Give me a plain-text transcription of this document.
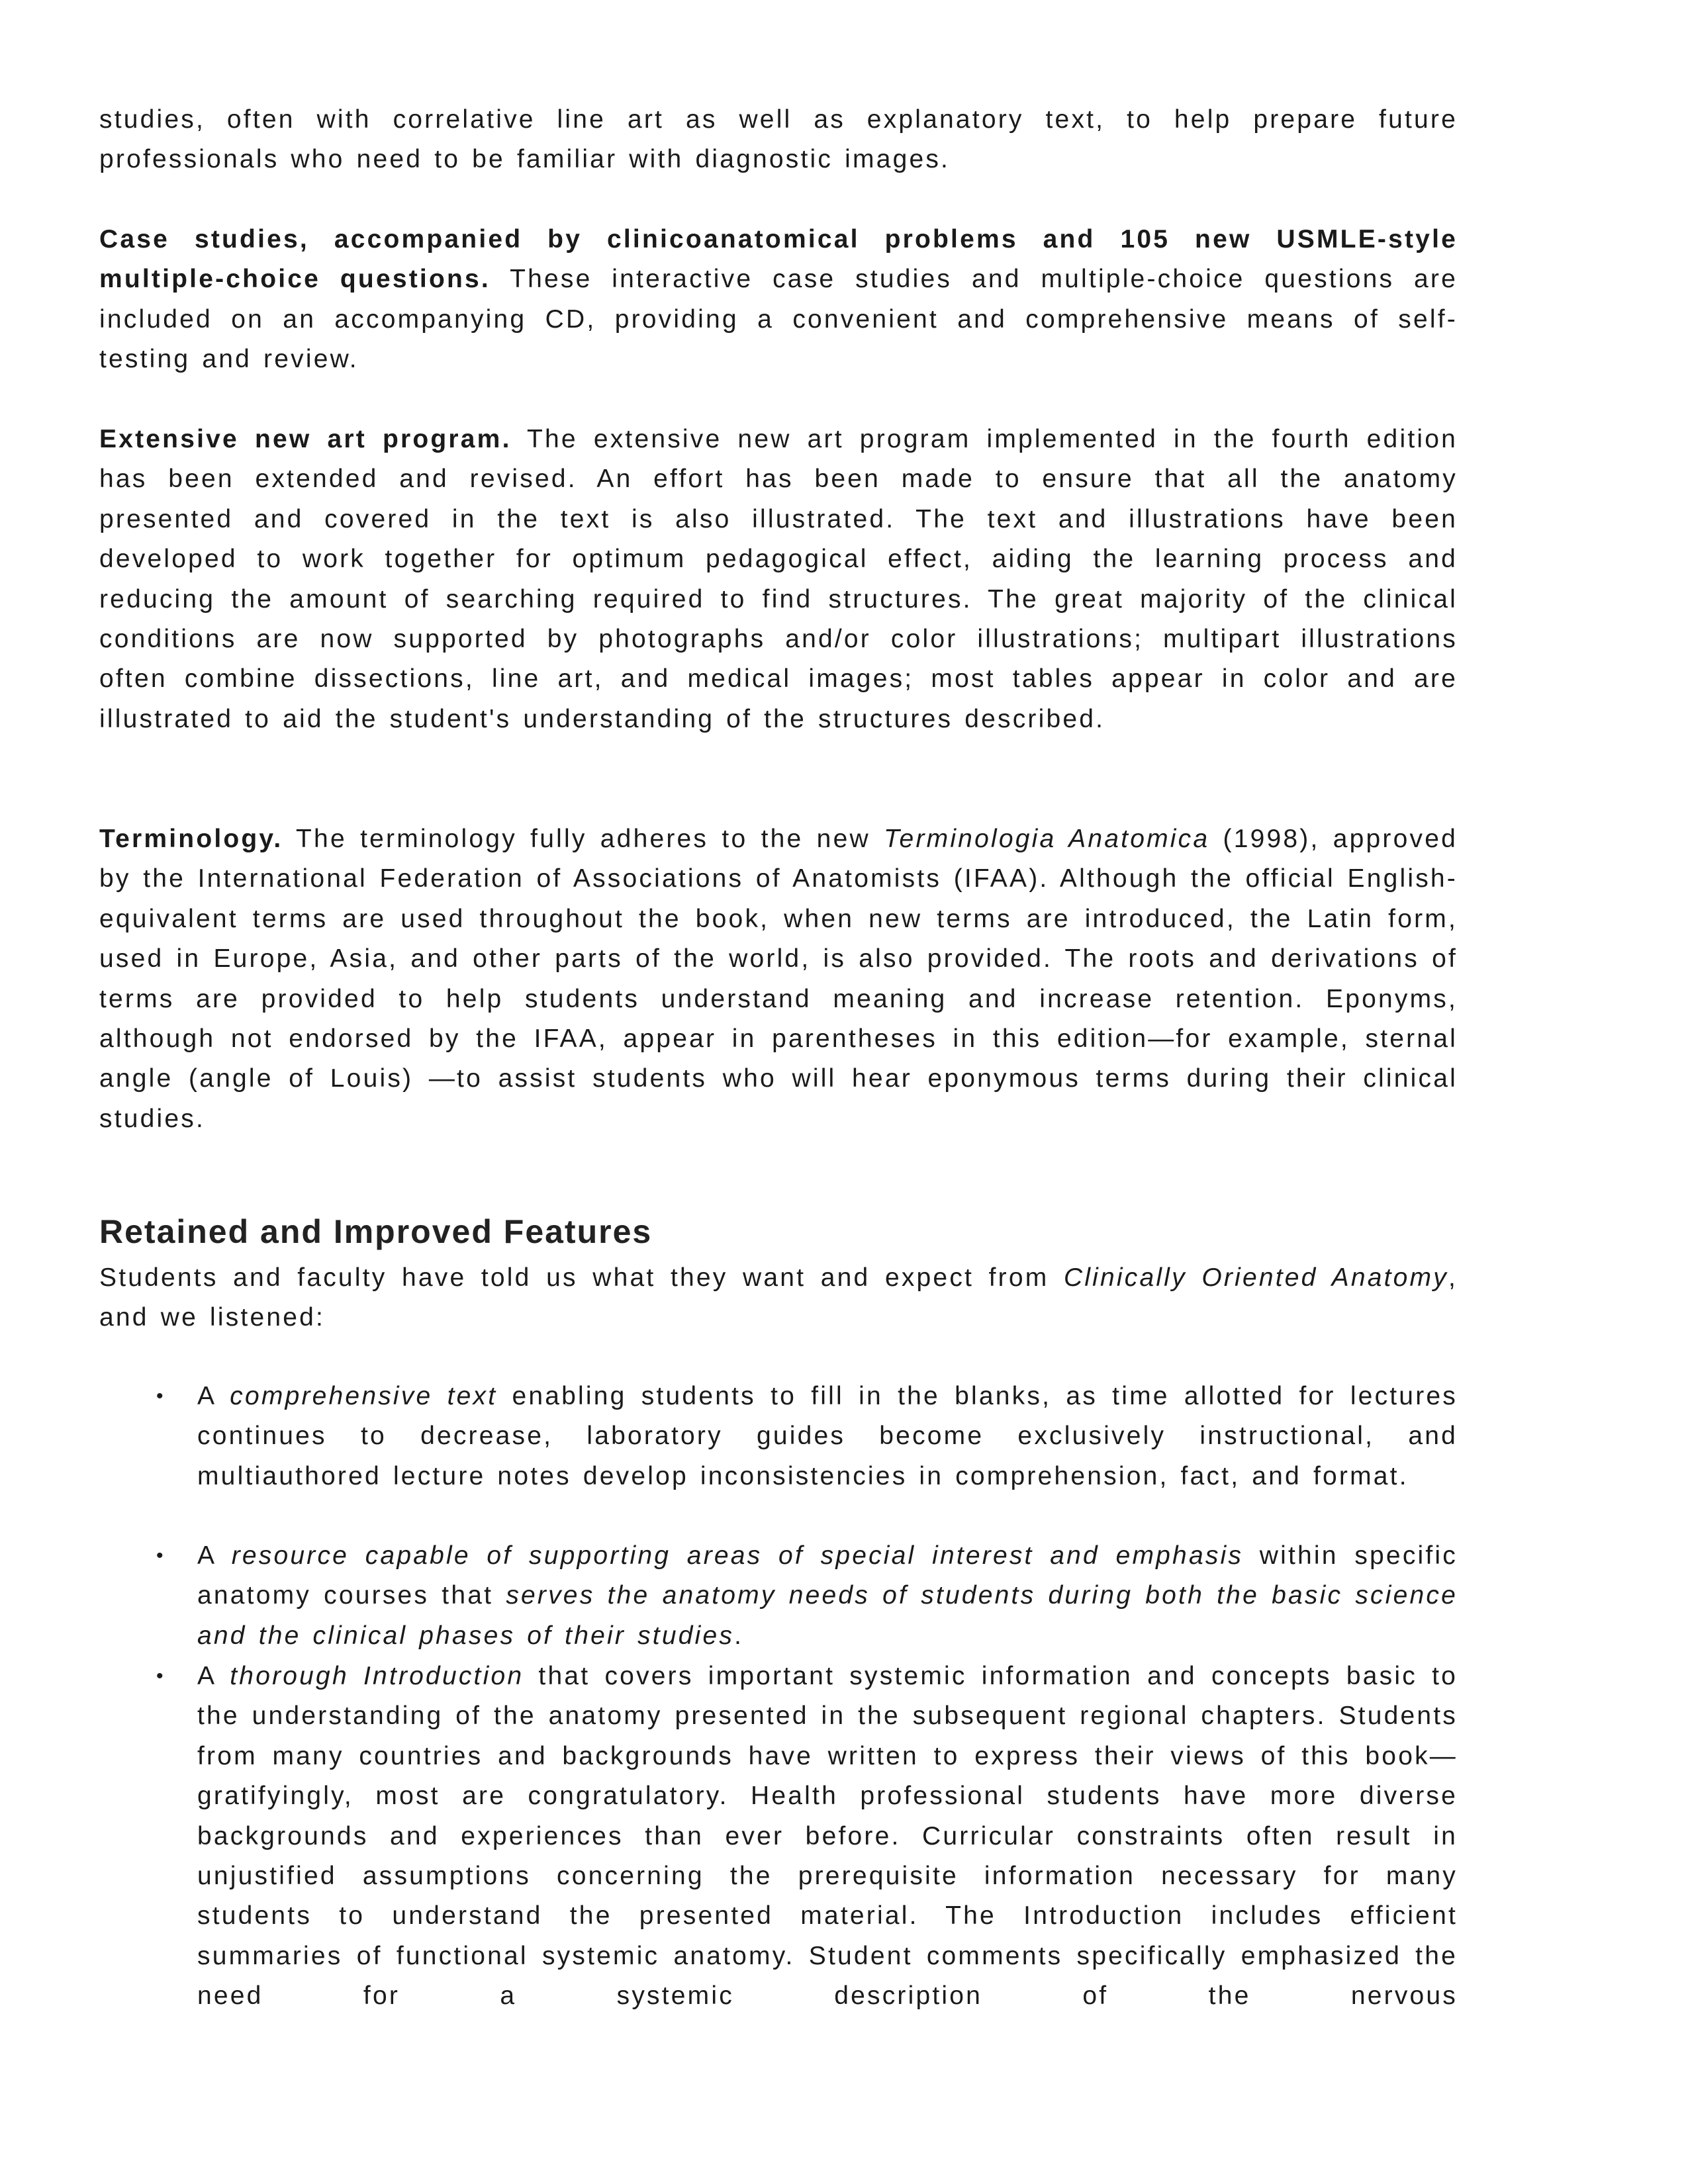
studies, often with correlative line art as well as explanatory text, to help prepare future professionals who need to be familiar with diagnostic images.
Case studies, accompanied by clinicoanatomical problems and 105 new USMLE-style multiple-choice questions. These interactive case studies and multiple-choice questions are included on an accompanying CD, providing a convenient and comprehensive means of self-testing and review.
Extensive new art program. The extensive new art program implemented in the fourth edition has been extended and revised. An effort has been made to ensure that all the anatomy presented and covered in the text is also illustrated. The text and illustrations have been developed to work together for optimum pedagogical effect, aiding the learning process and reducing the amount of searching required to find structures. The great majority of the clinical conditions are now supported by photographs and/or color illustrations; multipart illustrations often combine dissections, line art, and medical images; most tables appear in color and are illustrated to aid the student's understanding of the structures described.
Terminology. The terminology fully adheres to the new Terminologia Anatomica (1998), approved by the International Federation of Associations of Anatomists (IFAA). Although the official English-equivalent terms are used throughout the book, when new terms are introduced, the Latin form, used in Europe, Asia, and other parts of the world, is also provided. The roots and derivations of terms are provided to help students understand meaning and increase retention. Eponyms, although not endorsed by the IFAA, appear in parentheses in this edition—for example, sternal angle (angle of Louis) —to assist students who will hear eponymous terms during their clinical studies.
Retained and Improved Features
Students and faculty have told us what they want and expect from Clinically Oriented Anatomy, and we listened:
• A comprehensive text enabling students to fill in the blanks, as time allotted for lectures continues to decrease, laboratory guides become exclusively instructional, and multiauthored lecture notes develop inconsistencies in comprehension, fact, and format.
• A resource capable of supporting areas of special interest and emphasis within specific anatomy courses that serves the anatomy needs of students during both the basic science and the clinical phases of their studies.
• A thorough Introduction that covers important systemic information and concepts basic to the understanding of the anatomy presented in the subsequent regional chapters. Students from many countries and backgrounds have written to express their views of this book—gratifyingly, most are congratulatory. Health professional students have more diverse backgrounds and experiences than ever before. Curricular constraints often result in unjustified assumptions concerning the prerequisite information necessary for many students to understand the presented material. The Introduction includes efficient summaries of functional systemic anatomy. Student comments specifically emphasized the need for a systemic description of the nervous
